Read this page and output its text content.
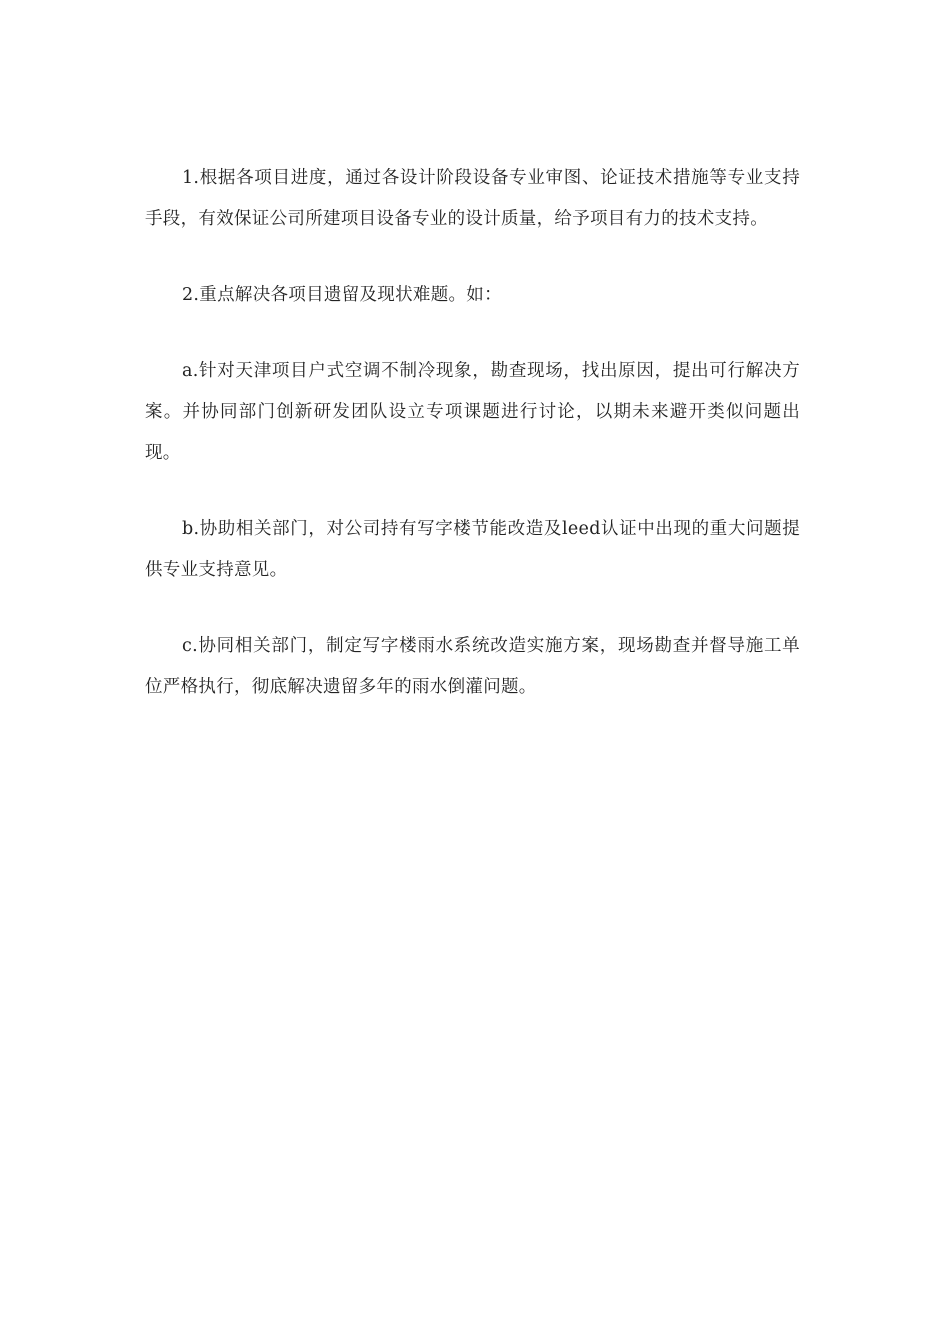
1.根据各项目进度，通过各设计阶段设备专业审图、论证技术措施等专业支持手段，有效保证公司所建项目设备专业的设计质量，给予项目有力的技术支持。

2.重点解决各项目遗留及现状难题。如：

a.针对天津项目户式空调不制冷现象，勘查现场，找出原因，提出可行解决方案。并协同部门创新研发团队设立专项课题进行讨论，以期未来避开类似问题出现。

b.协助相关部门，对公司持有写字楼节能改造及leed认证中出现的重大问题提供专业支持意见。

c.协同相关部门，制定写字楼雨水系统改造实施方案，现场勘查并督导施工单位严格执行，彻底解决遗留多年的雨水倒灌问题。
